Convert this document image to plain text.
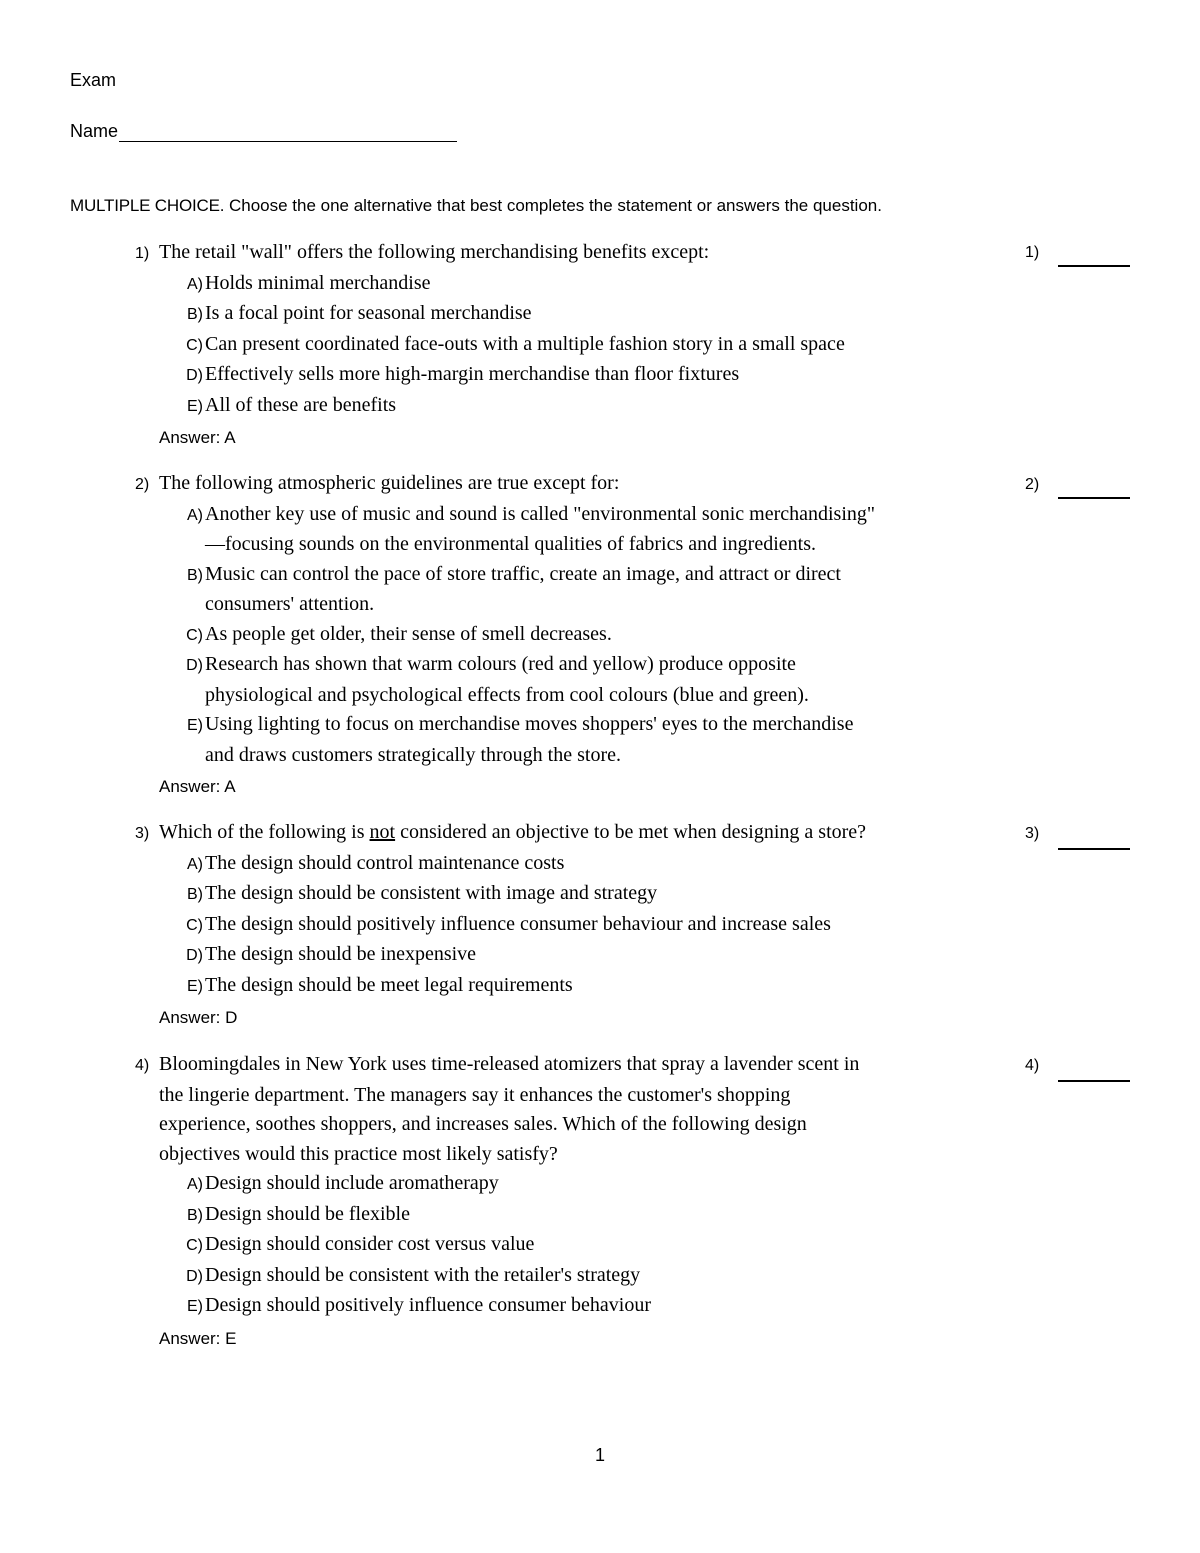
Exam
Name
MULTIPLE CHOICE. Choose the one alternative that best completes the statement or answers the question.
1) The retail "wall" offers the following merchandising benefits except:
A) Holds minimal merchandise
B) Is a focal point for seasonal merchandise
C) Can present coordinated face-outs with a multiple fashion story in a small space
D) Effectively sells more high-margin merchandise than floor fixtures
E) All of these are benefits
Answer: A
1)
2) The following atmospheric guidelines are true except for:
A) Another key use of music and sound is called "environmental sonic merchandising"
—focusing sounds on the environmental qualities of fabrics and ingredients.
B) Music can control the pace of store traffic, create an image, and attract or direct
consumers' attention.
C) As people get older, their sense of smell decreases.
D) Research has shown that warm colours (red and yellow) produce opposite
physiological and psychological effects from cool colours (blue and green).
E) Using lighting to focus on merchandise moves shoppers' eyes to the merchandise
and draws customers strategically through the store.
Answer: A
2)
3) Which of the following is not considered an objective to be met when designing a store?
A) The design should control maintenance costs
B) The design should be consistent with image and strategy
C) The design should positively influence consumer behaviour and increase sales
D) The design should be inexpensive
E) The design should be meet legal requirements
Answer: D
3)
4) Bloomingdales in New York uses time-released atomizers that spray a lavender scent in
the lingerie department. The managers say it enhances the customer's shopping
experience, soothes shoppers, and increases sales. Which of the following design
objectives would this practice most likely satisfy?
A) Design should include aromatherapy
B) Design should be flexible
C) Design should consider cost versus value
D) Design should be consistent with the retailer's strategy
E) Design should positively influence consumer behaviour
Answer: E
4)
1
